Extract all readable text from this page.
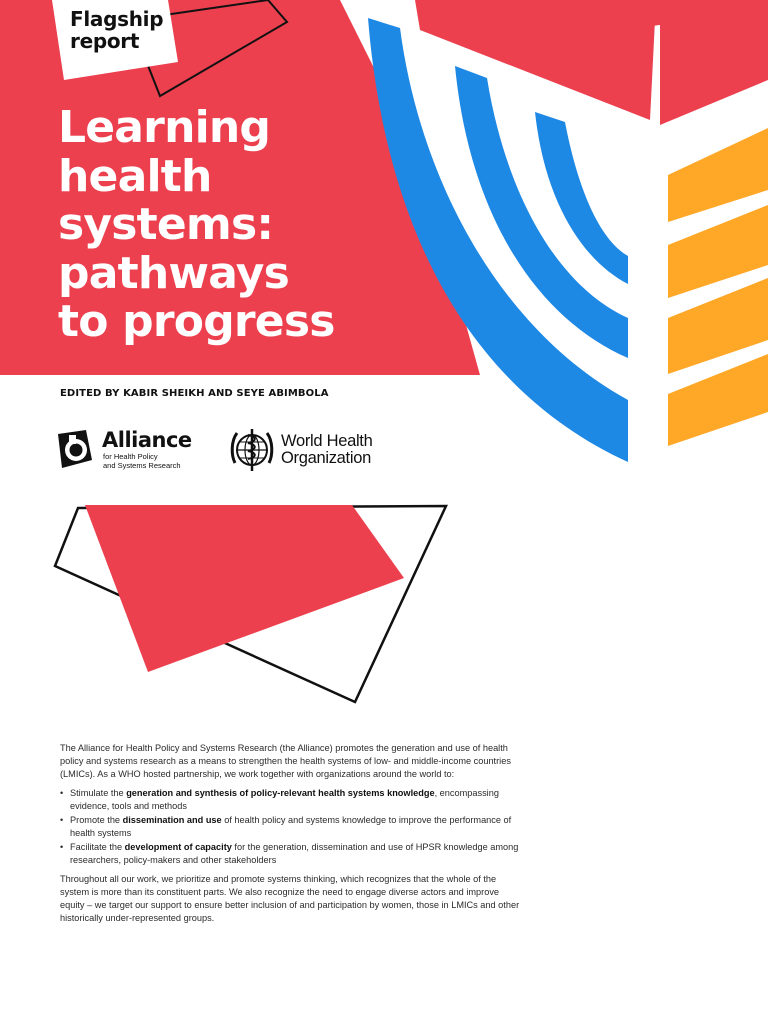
Flagship
report
Learning
health
systems:
pathways
to progress
EDITED BY KABIR SHEIKH AND SEYE ABIMBOLA
Alliance
for Health Policy
and Systems Research
World Health
Organization

The Alliance for Health Policy and Systems Research (the Alliance) promotes the generation and use of health policy and systems research as a means to strengthen the health systems of low- and middle-income countries (LMICs). As a WHO hosted partnership, we work together with organizations around the world to:

• Stimulate the generation and synthesis of policy-relevant health systems knowledge, encompassing evidence, tools and methods
• Promote the dissemination and use of health policy and systems knowledge to improve the performance of health systems
• Facilitate the development of capacity for the generation, dissemination and use of HPSR knowledge among researchers, policy-makers and other stakeholders

Throughout all our work, we prioritize and promote systems thinking, which recognizes that the whole of the system is more than its constituent parts. We also recognize the need to engage diverse actors and improve equity – we target our support to ensure better inclusion of and participation by women, those in LMICs and other historically under-represented groups.
